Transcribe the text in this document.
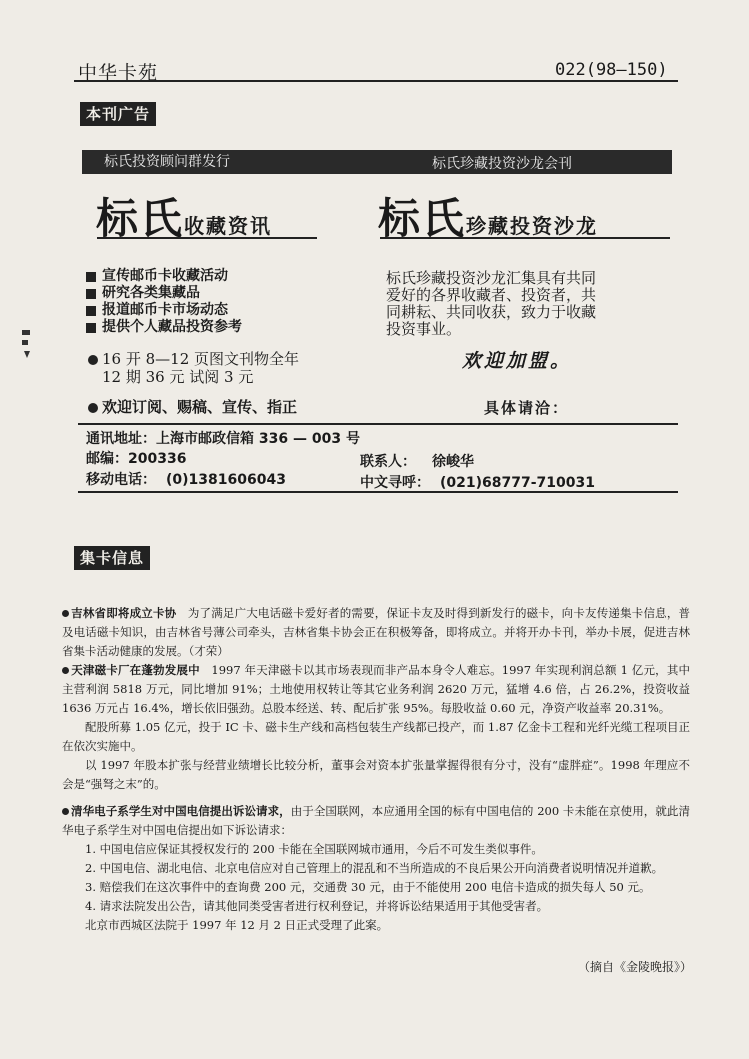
中华卡苑	022(98—150)
本刊广告
标氏投资顾问群发行	标氏珍藏投资沙龙会刊
标氏收藏资讯	标氏珍藏投资沙龙
宣传邮币卡收藏活动
研究各类集藏品
报道邮币卡市场动态
提供个人藏品投资参考
标氏珍藏投资沙龙汇集具有共同
爱好的各界收藏者、投资者，共
同耕耘、共同收获，致力于收藏
投资事业。
16 开 8—12 页图文刊物全年
12 期 36 元 试阅 3 元
欢迎加盟。
欢迎订阅、赐稿、宣传、指正	具体请洽：
通讯地址：上海市邮政信箱 336 — 003 号
邮编：200336	联系人： 徐峻华
移动电话： (0)1381606043	中文寻呼： (021)68777-710031
集卡信息

吉林省即将成立卡协 为了满足广大电话磁卡爱好者的需要，保证卡友及时得到新发行的磁卡，向卡友传递集卡信息，普及电话磁卡知识，由吉林省号薄公司牵头，吉林省集卡协会正在积极筹备，即将成立。并将开办卡刊，举办卡展，促进吉林省集卡活动健康的发展。（才荣）

天津磁卡厂在蓬勃发展中 1997 年天津磁卡以其市场表现而非产品本身令人难忘。1997 年实现利润总额 1 亿元，其中主营利润 5818 万元，同比增加 91%；土地使用权转让等其它业务利润 2620 万元，猛增 4.6 倍，占 26.2%，投资收益 1636 万元占 16.4%，增长依旧强劲。总股本经送、转、配后扩张 95%。每股收益 0.60 元，净资产收益率 20.31%。

配股所募 1.05 亿元，投于 IC 卡、磁卡生产线和高档包装生产线都已投产，而 1.87 亿金卡工程和光纤光缆工程项目正在依次实施中。

以 1997 年股本扩张与经营业绩增长比较分析，董事会对资本扩张量掌握得很有分寸，没有“虚胖症”。1998 年理应不会是“强弩之末”的。

清华电子系学生对中国电信提出诉讼请求，由于全国联网，本应通用全国的标有中国电信的 200 卡未能在京使用，就此清华电子系学生对中国电信提出如下诉讼请求：

1. 中国电信应保证其授权发行的 200 卡能在全国联网城市通用，今后不可发生类似事件。

2. 中国电信、湖北电信、北京电信应对自己管理上的混乱和不当所造成的不良后果公开向消费者说明情况并道歉。

3. 赔偿我们在这次事件中的查询费 200 元，交通费 30 元，由于不能使用 200 电信卡造成的损失每人 50 元。

4. 请求法院发出公告，请其他同类受害者进行权利登记，并将诉讼结果适用于其他受害者。

北京市西城区法院于 1997 年 12 月 2 日正式受理了此案。

（摘自《金陵晚报》）
